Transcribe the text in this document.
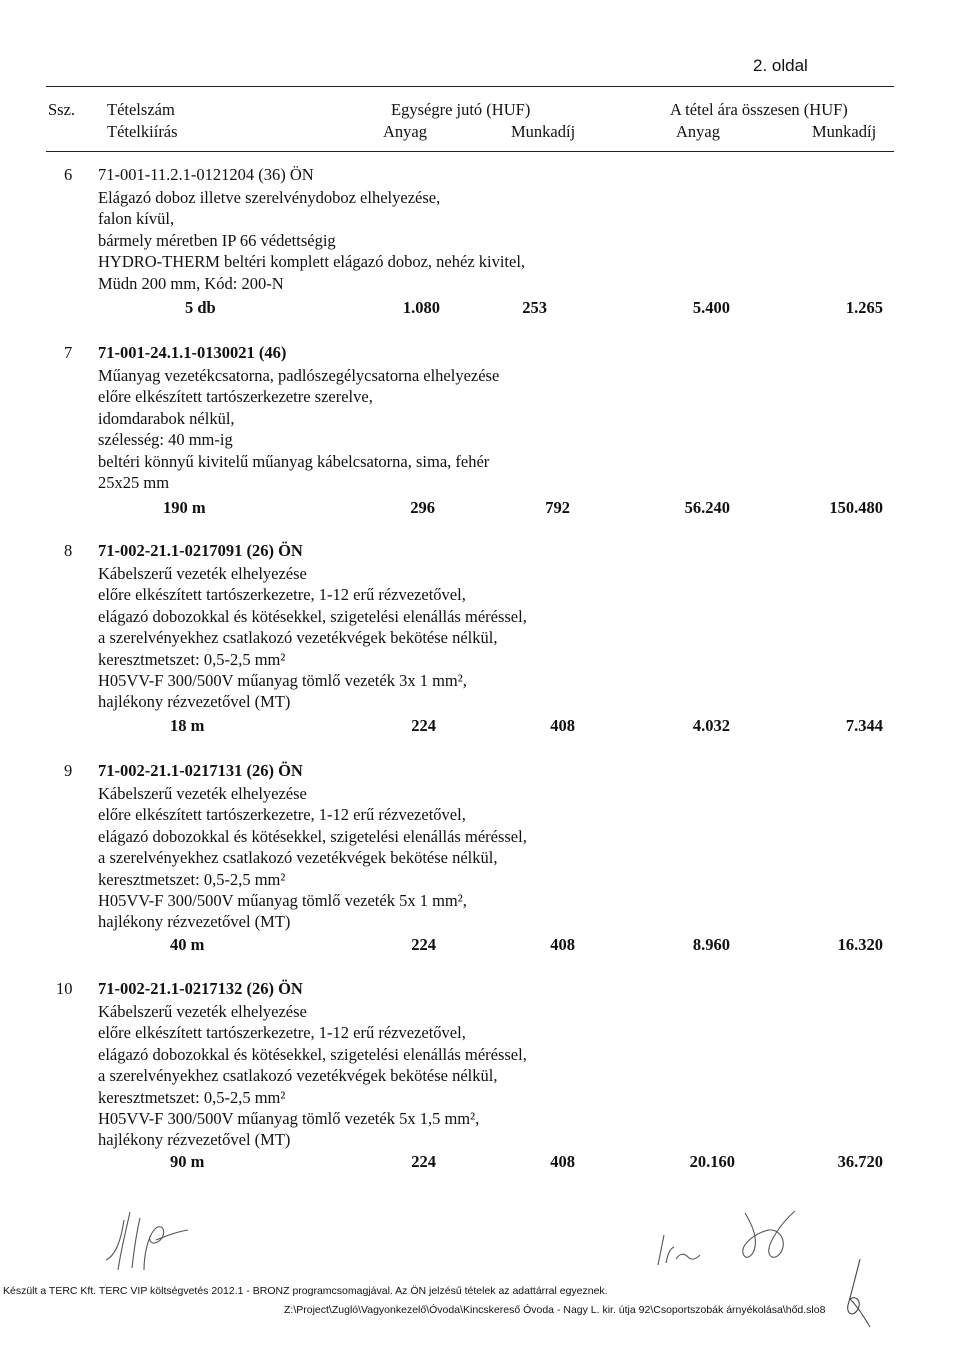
2. oldal
Ssz. Tételszám
Tételkiírás
Egységre jutó (HUF)
Anyag	Munkadíj
A tétel ára összesen (HUF)
Anyag	Munkadíj
6 71-001-11.2.1-0121204 (36) ÖN
Elágazó doboz illetve szerelvénydoboz elhelyezése,
falon kívül,
bármely méretben IP 66 védettségig
HYDRO-THERM beltéri komplett elágazó doboz, nehéz kivitel,
Müdn 200 mm, Kód: 200-N
5 db	1.080	253	5.400	1.265
7 71-001-24.1.1-0130021 (46)
Műanyag vezetékcsatorna, padlószegélycsatorna elhelyezése
előre elkészített tartószerkezetre szerelve,
idomdarabok nélkül,
szélesség: 40 mm-ig
beltéri könnyű kivitelű műanyag kábelcsatorna, sima, fehér
25x25 mm
190 m	296	792	56.240	150.480
8 71-002-21.1-0217091 (26) ÖN
Kábelszerű vezeték elhelyezése
előre elkészített tartószerkezetre, 1-12 erű rézvezetővel,
elágazó dobozokkal és kötésekkel, szigetelési elenállás méréssel,
a szerelvényekhez csatlakozó vezetékvégek bekötése nélkül,
keresztmetszet: 0,5-2,5 mm²
H05VV-F 300/500V műanyag tömlő vezeték 3x 1 mm²,
hajlékony rézvezetővel (MT)
18 m	224	408	4.032	7.344
9 71-002-21.1-0217131 (26) ÖN
Kábelszerű vezeték elhelyezése
előre elkészített tartószerkezetre, 1-12 erű rézvezetővel,
elágazó dobozokkal és kötésekkel, szigetelési elenállás méréssel,
a szerelvényekhez csatlakozó vezetékvégek bekötése nélkül,
keresztmetszet: 0,5-2,5 mm²
H05VV-F 300/500V műanyag tömlő vezeték 5x 1 mm²,
hajlékony rézvezetővel (MT)
40 m	224	408	8.960	16.320
10 71-002-21.1-0217132 (26) ÖN
Kábelszerű vezeték elhelyezése
előre elkészített tartószerkezetre, 1-12 erű rézvezetővel,
elágazó dobozokkal és kötésekkel, szigetelési elenállás méréssel,
a szerelvényekhez csatlakozó vezetékvégek bekötése nélkül,
keresztmetszet: 0,5-2,5 mm²
H05VV-F 300/500V műanyag tömlő vezeték 5x 1,5 mm²,
hajlékony rézvezetővel (MT)
90 m	224	408	20.160	36.720
Készült a TERC Kft. TERC VIP költségvetés 2012.1 - BRONZ programcsomagjával. Az ÖN jelzésű tételek az adattárral egyeznek.
Z:\Project\Zugló\Vagyonkezelő\Óvoda\Kincskereső Óvoda - Nagy L. kir. útja 92\Csoportszobák árnyékolása\hőd.slo8
